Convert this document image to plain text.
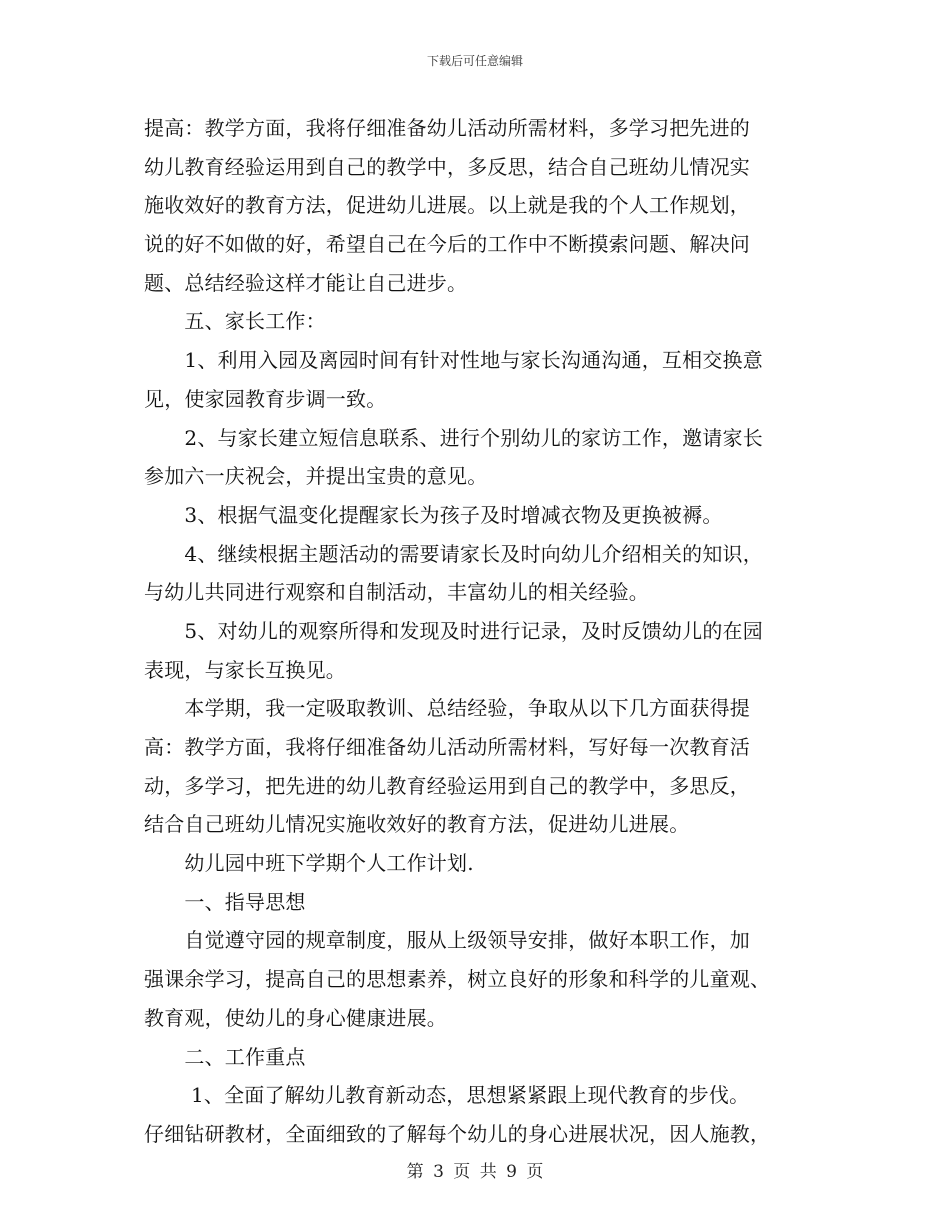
下载后可任意编辑
提高：教学方面，我将仔细准备幼儿活动所需材料，多学习把先进的
幼儿教育经验运用到自己的教学中，多反思，结合自己班幼儿情况实
施收效好的教育方法，促进幼儿进展。以上就是我的个人工作规划，
说的好不如做的好，希望自己在今后的工作中不断摸索问题、解决问
题、总结经验这样才能让自己进步。
　　五、家长工作：
　　1、利用入园及离园时间有针对性地与家长沟通沟通，互相交换意
见，使家园教育步调一致。
　　2、与家长建立短信息联系、进行个别幼儿的家访工作，邀请家长
参加六一庆祝会，并提出宝贵的意见。
　　3、根据气温变化提醒家长为孩子及时增减衣物及更换被褥。
　　4、继续根据主题活动的需要请家长及时向幼儿介绍相关的知识，
与幼儿共同进行观察和自制活动，丰富幼儿的相关经验。
　　5、对幼儿的观察所得和发现及时进行记录，及时反馈幼儿的在园
表现，与家长互换见。
　　本学期，我一定吸取教训、总结经验，争取从以下几方面获得提
高：教学方面，我将仔细准备幼儿活动所需材料，写好每一次教育活
动，多学习，把先进的幼儿教育经验运用到自己的教学中，多思反，
结合自己班幼儿情况实施收效好的教育方法，促进幼儿进展。
　　幼儿园中班下学期个人工作计划.
　　一、指导思想
　　自觉遵守园的规章制度，服从上级领导安排，做好本职工作，加
强课余学习，提高自己的思想素养，树立良好的形象和科学的儿童观、
教育观，使幼儿的身心健康进展。
　　二、工作重点
　　 1、全面了解幼儿教育新动态，思想紧紧跟上现代教育的步伐。
仔细钻研教材，全面细致的了解每个幼儿的身心进展状况，因人施教，
第 3 页 共 9 页
